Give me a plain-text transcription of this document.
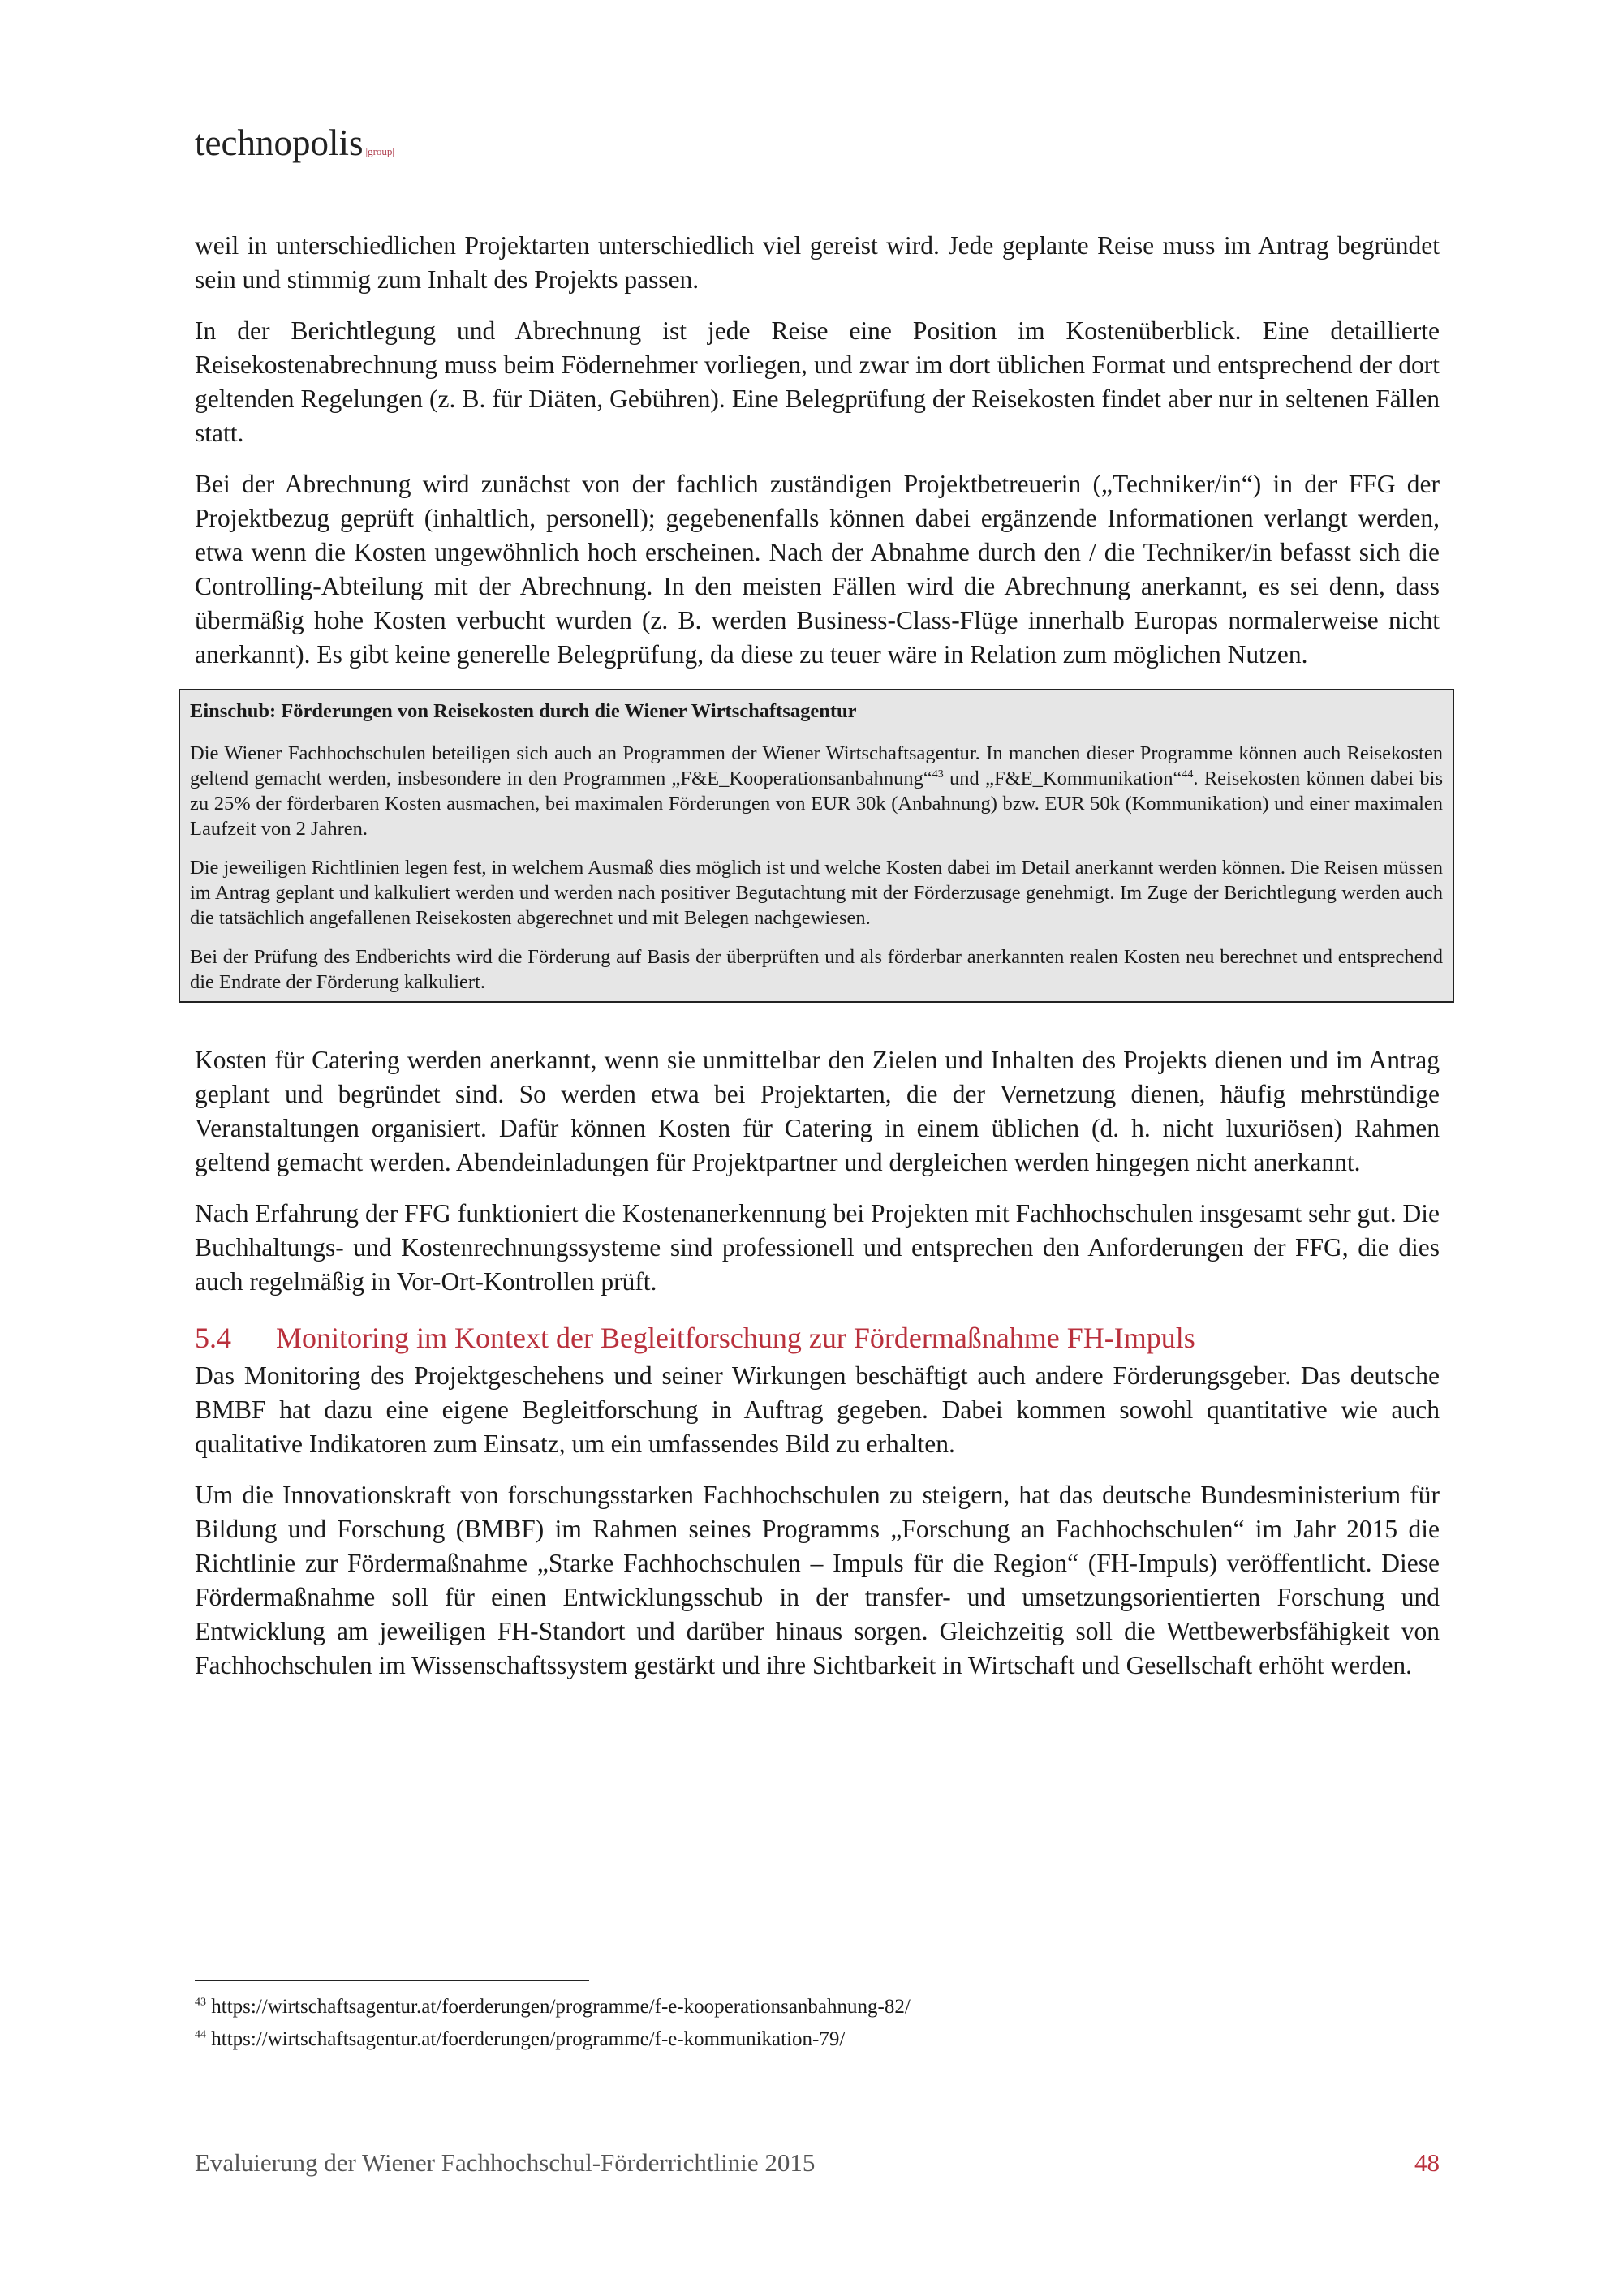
technopolis |group|

weil in unterschiedlichen Projektarten unterschiedlich viel gereist wird. Jede geplante Reise muss im Antrag begründet sein und stimmig zum Inhalt des Projekts passen.

In der Berichtlegung und Abrechnung ist jede Reise eine Position im Kostenüberblick. Eine detaillierte Reisekostenabrechnung muss beim Födernehmer vorliegen, und zwar im dort üblichen Format und entsprechend der dort geltenden Regelungen (z. B. für Diäten, Gebühren). Eine Belegprüfung der Reisekosten findet aber nur in seltenen Fällen statt.

Bei der Abrechnung wird zunächst von der fachlich zuständigen Projektbetreuerin („Techniker/in“) in der FFG der Projektbezug geprüft (inhaltlich, personell); gegebenenfalls können dabei ergänzende Informationen verlangt werden, etwa wenn die Kosten ungewöhnlich hoch erscheinen. Nach der Abnahme durch den / die Techniker/in befasst sich die Controlling-Abteilung mit der Abrechnung. In den meisten Fällen wird die Abrechnung anerkannt, es sei denn, dass übermäßig hohe Kosten verbucht wurden (z. B. werden Business-Class-Flüge innerhalb Europas normalerweise nicht anerkannt). Es gibt keine generelle Belegprüfung, da diese zu teuer wäre in Relation zum möglichen Nutzen.

Einschub: Förderungen von Reisekosten durch die Wiener Wirtschaftsagentur

Die Wiener Fachhochschulen beteiligen sich auch an Programmen der Wiener Wirtschaftsagentur. In manchen dieser Programme können auch Reisekosten geltend gemacht werden, insbesondere in den Programmen „F&E_Kooperationsanbahnung“$^{43}$ und „F&E_Kommunikation“$^{44}$. Reisekosten können dabei bis zu 25% der förderbaren Kosten ausmachen, bei maximalen Förderungen von EUR 30k (Anbahnung) bzw. EUR 50k (Kommunikation) und einer maximalen Laufzeit von 2 Jahren.

Die jeweiligen Richtlinien legen fest, in welchem Ausmaß dies möglich ist und welche Kosten dabei im Detail anerkannt werden können. Die Reisen müssen im Antrag geplant und kalkuliert werden und werden nach positiver Begutachtung mit der Förderzusage genehmigt. Im Zuge der Berichtlegung werden auch die tatsächlich angefallenen Reisekosten abgerechnet und mit Belegen nachgewiesen.

Bei der Prüfung des Endberichts wird die Förderung auf Basis der überprüften und als förderbar anerkannten realen Kosten neu berechnet und entsprechend die Endrate der Förderung kalkuliert.

Kosten für Catering werden anerkannt, wenn sie unmittelbar den Zielen und Inhalten des Projekts dienen und im Antrag geplant und begründet sind. So werden etwa bei Projektarten, die der Vernetzung dienen, häufig mehrstündige Veranstaltungen organisiert. Dafür können Kosten für Catering in einem üblichen (d. h. nicht luxuriösen) Rahmen geltend gemacht werden. Abendeinladungen für Projektpartner und dergleichen werden hingegen nicht anerkannt.

Nach Erfahrung der FFG funktioniert die Kostenanerkennung bei Projekten mit Fachhochschulen insgesamt sehr gut. Die Buchhaltungs- und Kostenrechnungssysteme sind professionell und entsprechen den Anforderungen der FFG, die dies auch regelmäßig in Vor-Ort-Kontrollen prüft.

5.4	Monitoring im Kontext der Begleitforschung zur Fördermaßnahme FH-Impuls

Das Monitoring des Projektgeschehens und seiner Wirkungen beschäftigt auch andere Förderungsgeber. Das deutsche BMBF hat dazu eine eigene Begleitforschung in Auftrag gegeben. Dabei kommen sowohl quantitative wie auch qualitative Indikatoren zum Einsatz, um ein umfassendes Bild zu erhalten.

Um die Innovationskraft von forschungsstarken Fachhochschulen zu steigern, hat das deutsche Bundesministerium für Bildung und Forschung (BMBF) im Rahmen seines Programms „Forschung an Fachhochschulen“ im Jahr 2015 die Richtlinie zur Fördermaßnahme „Starke Fachhochschulen – Impuls für die Region“ (FH-Impuls) veröffentlicht. Diese Fördermaßnahme soll für einen Entwicklungsschub in der transfer- und umsetzungsorientierten Forschung und Entwicklung am jeweiligen FH-Standort und darüber hinaus sorgen. Gleichzeitig soll die Wettbewerbsfähigkeit von Fachhochschulen im Wissenschaftssystem gestärkt und ihre Sichtbarkeit in Wirtschaft und Gesellschaft erhöht werden.

$^{43}$ https://wirtschaftsagentur.at/foerderungen/programme/f-e-kooperationsanbahnung-82/

$^{44}$ https://wirtschaftsagentur.at/foerderungen/programme/f-e-kommunikation-79/

Evaluierung der Wiener Fachhochschul-Förderrichtlinie 2015	48
